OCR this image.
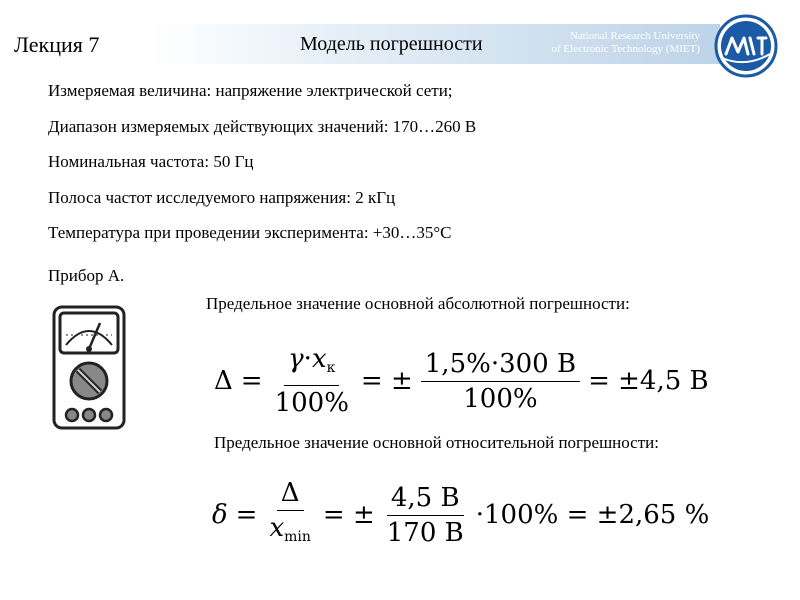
Лекция 7	Модель погрешности	National Research University
of Electronic Technology (MIET)
Измеряемая величина: напряжение электрической сети;
Диапазон измеряемых действующих значений: 170…260 В
Номинальная частота: 50 Гц
Полоса частот исследуемого напряжения: 2 кГц
Температура при проведении эксперимента: +30…35°С
Прибор А.
Предельное значение основной абсолютной погрешности:
$\Delta = \frac{\gamma\cdot x_к}{100\%}$ = ± $\frac{1,5\%\cdot 300 В}{100\%} = \pm 4,5$ В
Предельное значение основной относительной погрешности:
$\delta = \frac{\Delta}{x_{min}}$ = ± $\frac{4,5 В}{170 В} \cdot 100\% = \pm 2,65$ %
